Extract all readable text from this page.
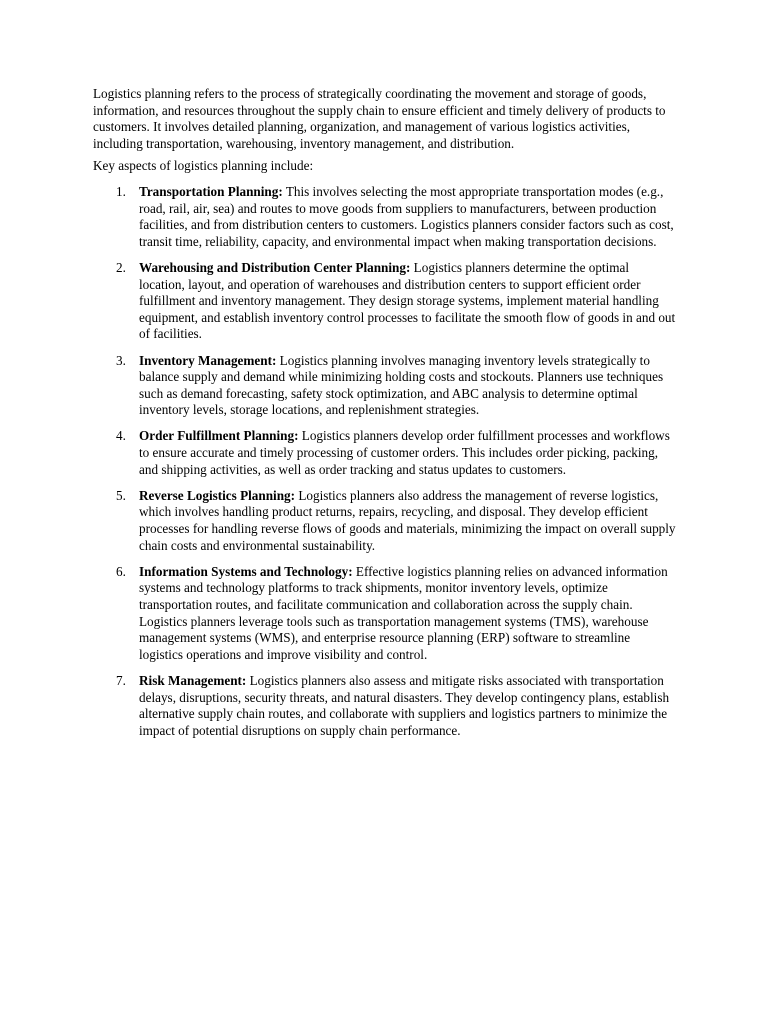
Logistics planning refers to the process of strategically coordinating the movement and storage of goods, information, and resources throughout the supply chain to ensure efficient and timely delivery of products to customers. It involves detailed planning, organization, and management of various logistics activities, including transportation, warehousing, inventory management, and distribution.

Key aspects of logistics planning include:

1. Transportation Planning: This involves selecting the most appropriate transportation modes (e.g., road, rail, air, sea) and routes to move goods from suppliers to manufacturers, between production facilities, and from distribution centers to customers. Logistics planners consider factors such as cost, transit time, reliability, capacity, and environmental impact when making transportation decisions.
2. Warehousing and Distribution Center Planning: Logistics planners determine the optimal location, layout, and operation of warehouses and distribution centers to support efficient order fulfillment and inventory management. They design storage systems, implement material handling equipment, and establish inventory control processes to facilitate the smooth flow of goods in and out of facilities.
3. Inventory Management: Logistics planning involves managing inventory levels strategically to balance supply and demand while minimizing holding costs and stockouts. Planners use techniques such as demand forecasting, safety stock optimization, and ABC analysis to determine optimal inventory levels, storage locations, and replenishment strategies.
4. Order Fulfillment Planning: Logistics planners develop order fulfillment processes and workflows to ensure accurate and timely processing of customer orders. This includes order picking, packing, and shipping activities, as well as order tracking and status updates to customers.
5. Reverse Logistics Planning: Logistics planners also address the management of reverse logistics, which involves handling product returns, repairs, recycling, and disposal. They develop efficient processes for handling reverse flows of goods and materials, minimizing the impact on overall supply chain costs and environmental sustainability.
6. Information Systems and Technology: Effective logistics planning relies on advanced information systems and technology platforms to track shipments, monitor inventory levels, optimize transportation routes, and facilitate communication and collaboration across the supply chain. Logistics planners leverage tools such as transportation management systems (TMS), warehouse management systems (WMS), and enterprise resource planning (ERP) software to streamline logistics operations and improve visibility and control.
7. Risk Management: Logistics planners also assess and mitigate risks associated with transportation delays, disruptions, security threats, and natural disasters. They develop contingency plans, establish alternative supply chain routes, and collaborate with suppliers and logistics partners to minimize the impact of potential disruptions on supply chain performance.
